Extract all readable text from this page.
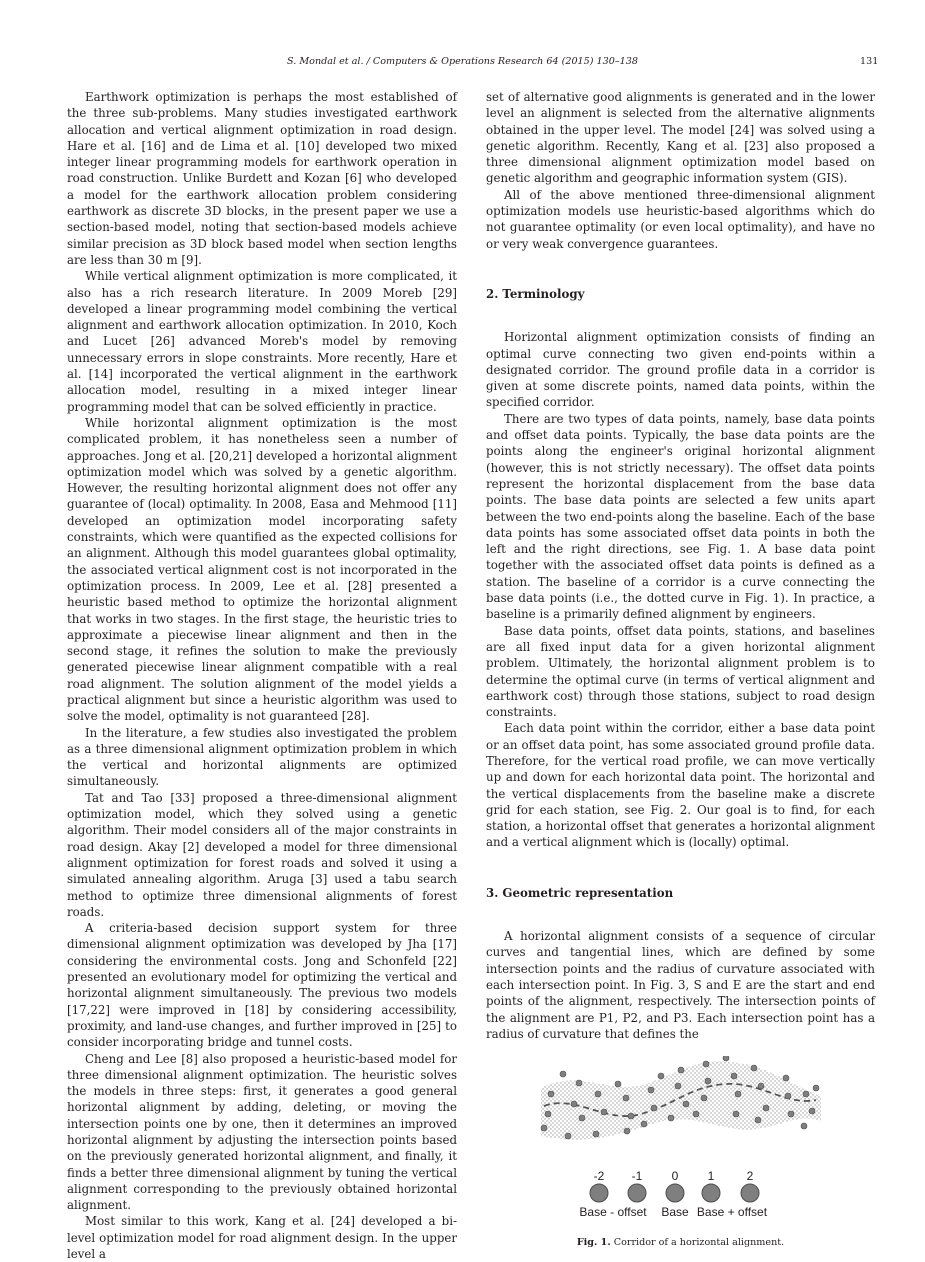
S. Mondal et al. / Computers & Operations Research 64 (2015) 130–138	131

Earthwork optimization is perhaps the most established of the three sub-problems. Many studies investigated earthwork allocation and vertical alignment optimization in road design. Hare et al. [16] and de Lima et al. [10] developed two mixed integer linear programming models for earthwork operation in road construction. Unlike Burdett and Kozan [6] who developed a model for the earthwork allocation problem considering earthwork as discrete 3D blocks, in the present paper we use a section-based model, noting that section-based models achieve similar precision as 3D block based model when section lengths are less than 30 m [9].

While vertical alignment optimization is more complicated, it also has a rich research literature. In 2009 Moreb [29] developed a linear programming model combining the vertical alignment and earthwork allocation optimization. In 2010, Koch and Lucet [26] advanced Moreb's model by removing unnecessary errors in slope constraints. More recently, Hare et al. [14] incorporated the vertical alignment in the earthwork allocation model, resulting in a mixed integer linear programming model that can be solved efficiently in practice.

While horizontal alignment optimization is the most complicated problem, it has nonetheless seen a number of approaches. Jong et al. [20,21] developed a horizontal alignment optimization model which was solved by a genetic algorithm. However, the resulting horizontal alignment does not offer any guarantee of (local) optimality. In 2008, Easa and Mehmood [11] developed an optimization model incorporating safety constraints, which were quantified as the expected collisions for an alignment. Although this model guarantees global optimality, the associated vertical alignment cost is not incorporated in the optimization process. In 2009, Lee et al. [28] presented a heuristic based method to optimize the horizontal alignment that works in two stages. In the first stage, the heuristic tries to approximate a piecewise linear alignment and then in the second stage, it refines the solution to make the previously generated piecewise linear alignment compatible with a real road alignment. The solution alignment of the model yields a practical alignment but since a heuristic algorithm was used to solve the model, optimality is not guaranteed [28].

In the literature, a few studies also investigated the problem as a three dimensional alignment optimization problem in which the vertical and horizontal alignments are optimized simultaneously.

Tat and Tao [33] proposed a three-dimensional alignment optimization model, which they solved using a genetic algorithm. Their model considers all of the major constraints in road design. Akay [2] developed a model for three dimensional alignment optimization for forest roads and solved it using a simulated annealing algorithm. Aruga [3] used a tabu search method to optimize three dimensional alignments of forest roads.

A criteria-based decision support system for three dimensional alignment optimization was developed by Jha [17] considering the environmental costs. Jong and Schonfeld [22] presented an evolutionary model for optimizing the vertical and horizontal alignment simultaneously. The previous two models [17,22] were improved in [18] by considering accessibility, proximity, and land-use changes, and further improved in [25] to consider incorporating bridge and tunnel costs.

Cheng and Lee [8] also proposed a heuristic-based model for three dimensional alignment optimization. The heuristic solves the models in three steps: first, it generates a good general horizontal alignment by adding, deleting, or moving the intersection points one by one, then it determines an improved horizontal alignment by adjusting the intersection points based on the previously generated horizontal alignment, and finally, it finds a better three dimensional alignment by tuning the vertical alignment corresponding to the previously obtained horizontal alignment.

Most similar to this work, Kang et al. [24] developed a bi-level optimization model for road alignment design. In the upper level a

set of alternative good alignments is generated and in the lower level an alignment is selected from the alternative alignments obtained in the upper level. The model [24] was solved using a genetic algorithm. Recently, Kang et al. [23] also proposed a three dimensional alignment optimization model based on genetic algorithm and geographic information system (GIS).

All of the above mentioned three-dimensional alignment optimization models use heuristic-based algorithms which do not guarantee optimality (or even local optimality), and have no or very weak convergence guarantees.

2. Terminology

Horizontal alignment optimization consists of finding an optimal curve connecting two given end-points within a designated corridor. The ground profile data in a corridor is given at some discrete points, named data points, within the specified corridor.

There are two types of data points, namely, base data points and offset data points. Typically, the base data points are the points along the engineer's original horizontal alignment (however, this is not strictly necessary). The offset data points represent the horizontal displacement from the base data points. The base data points are selected a few units apart between the two end-points along the baseline. Each of the base data points has some associated offset data points in both the left and the right directions, see Fig. 1. A base data point together with the associated offset data points is defined as a station. The baseline of a corridor is a curve connecting the base data points (i.e., the dotted curve in Fig. 1). In practice, a baseline is a primarily defined alignment by engineers.

Base data points, offset data points, stations, and baselines are all fixed input data for a given horizontal alignment problem. Ultimately, the horizontal alignment problem is to determine the optimal curve (in terms of vertical alignment and earthwork cost) through those stations, subject to road design constraints.

Each data point within the corridor, either a base data point or an offset data point, has some associated ground profile data. Therefore, for the vertical road profile, we can move vertically up and down for each horizontal data point. The horizontal and the vertical displacements from the baseline make a discrete grid for each station, see Fig. 2. Our goal is to find, for each station, a horizontal offset that generates a horizontal alignment and a vertical alignment which is (locally) optimal.

3. Geometric representation

A horizontal alignment consists of a sequence of circular curves and tangential lines, which are defined by some intersection points and the radius of curvature associated with each intersection point. In Fig. 3, S and E are the start and end points of the alignment, respectively. The intersection points of the alignment are P1, P2, and P3. Each intersection point has a radius of curvature that defines the

-2 -1 0 1	2
Base - offset Base Base + offset
Fig. 1. Corridor of a horizontal alignment.
